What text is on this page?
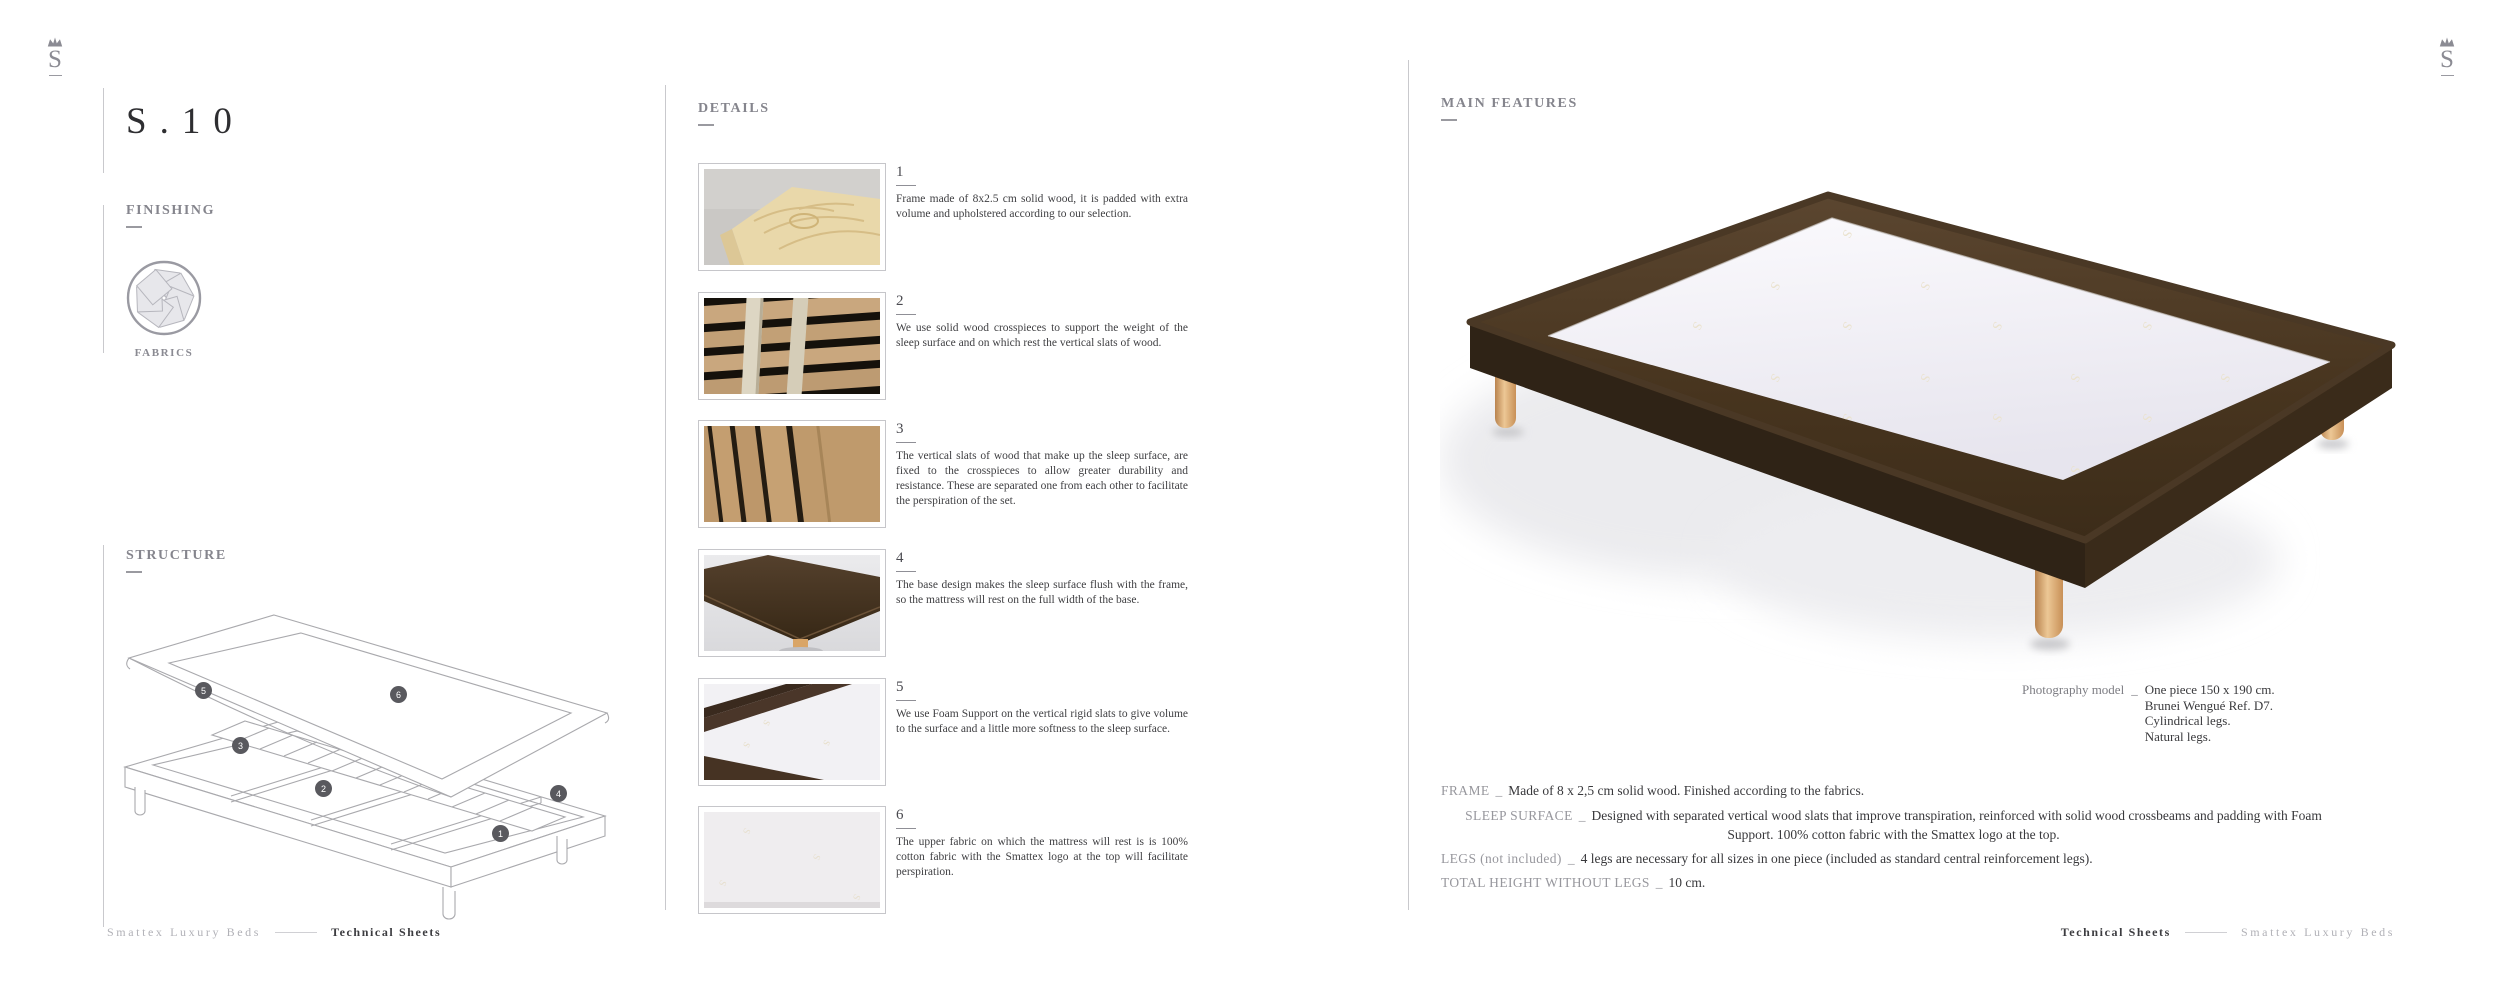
S
S.10
FINISHING
FABRICS
STRUCTURE
1
2
3
4
5	6
Smattex Luxury Beds	Technical Sheets
DETAILS
1
Frame made of 8x2.5 cm solid wood, it is padded with extra volume and upholstered according to our selection.
2
We use solid wood crosspieces to support the weight of the sleep surface and on which rest the vertical slats of wood.
3
The vertical slats of wood that make up the sleep surface, are fixed to the crosspieces to allow greater durability and resistance. These are separated one from each other to facilitate the perspiration of the set.
4
The base design makes the sleep surface flush with the frame, so the mattress will rest on the full width of the base.
S
S
S
5
We use Foam Support on the vertical rigid slats to give volume to the surface and a little more softness to the sleep surface.
S
S
S
S
6
The upper fabric on which the mattress will rest is is 100% cotton fabric with the Smattex logo at the top will facilitate perspiration.
MAIN FEATURES
Photography model _ One piece 150 x 190 cm.
Brunei Wengué Ref. D7.
Cylindrical legs.
Natural legs.
FRAME _ Made of 8 x 2,5 cm solid wood. Finished according to the fabrics.
SLEEP SURFACE _ Designed with separated vertical wood slats that improve transpiration, reinforced with solid wood crossbeams and padding with Foam Support. 100% cotton fabric with the Smattex logo at the top.
LEGS (not included) _ 4 legs are necessary for all sizes in one piece (included as standard central reinforcement legs).
TOTAL HEIGHT WITHOUT LEGS _ 10 cm.
Technical Sheets	Smattex Luxury Beds
S
